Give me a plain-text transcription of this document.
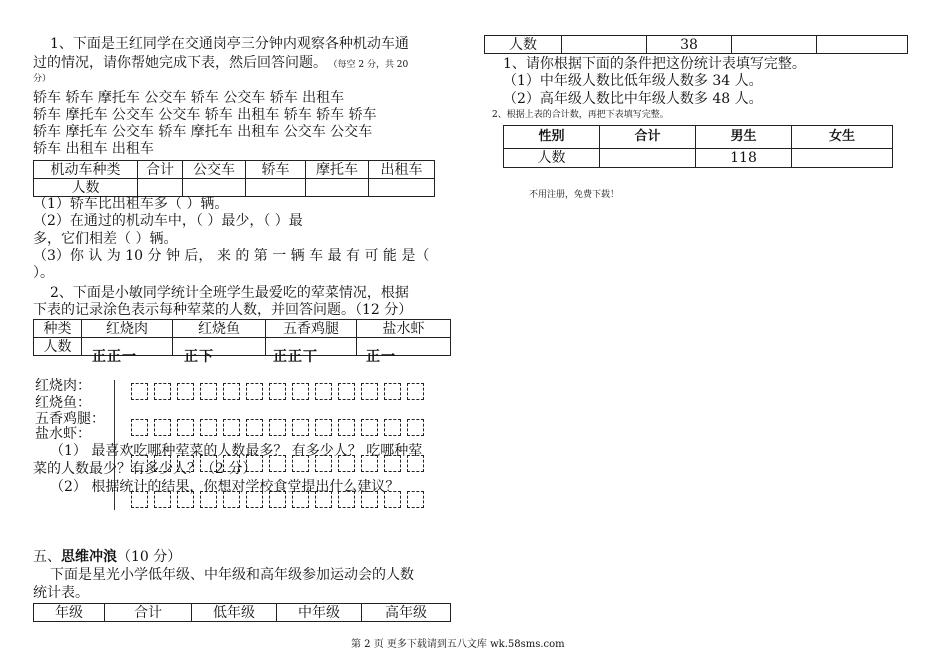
1、下面是王红同学在交通岗亭三分钟内观察各种机动车通
过的情况，请你帮她完成下表，然后回答问题。 （每空 2 分，共 20
分）
轿车 轿车 摩托车 公交车 轿车 公交车 轿车 出租车
轿车 摩托车 公交车 公交车 轿车 出租车 轿车 轿车 轿车
轿车 摩托车 公交车 轿车 摩托车 出租车 公交车 公交车
轿车 出租车 出租车
机动车种类	合计	公交车	轿车	摩托车	出租车
人数					
（1）轿车比出租车多（ ）辆。
（2）在通过的机动车中，（ ）最少，（ ）最
多，它们相差（ ）辆。
（3）你 认 为 10 分 钟 后， 来 的 第 一 辆 车 最 有 可 能 是（
）。
2、下面是小敏同学统计全班学生最爱吃的荤菜情况，根据
下表的记录涂色表示每种荤菜的人数，并回答问题。（12 分）
种类	红烧肉	红烧鱼	五香鸡腿	盐水虾
人数				
正正一	正下	正正丅	正一
红烧肉：
红烧鱼：
五香鸡腿：
盐水虾：
（1） 最喜欢吃哪种荤菜的人数最多？ 有多少人？ 吃哪种荤
菜的人数最少？有多少人？（2 分）
（2） 根据统计的结果，你想对学校食堂提出什么建议？
五、思维冲浪（10 分）
下面是星光小学低年级、中年级和高年级参加运动会的人数
统计表。
年级	合计	低年级	中年级	高年级
人数		38		
1、请你根据下面的条件把这份统计表填写完整。
（1）中年级人数比低年级人数多 34 人。
（2）高年级人数比中年级人数多 48 人。
2、根据上表的合计数，再把下表填写完整。
性别	合计	男生	女生
人数		118	
不用注册，免费下载！
第 2 页 更多下载请到五八文库 wk.58sms.com
